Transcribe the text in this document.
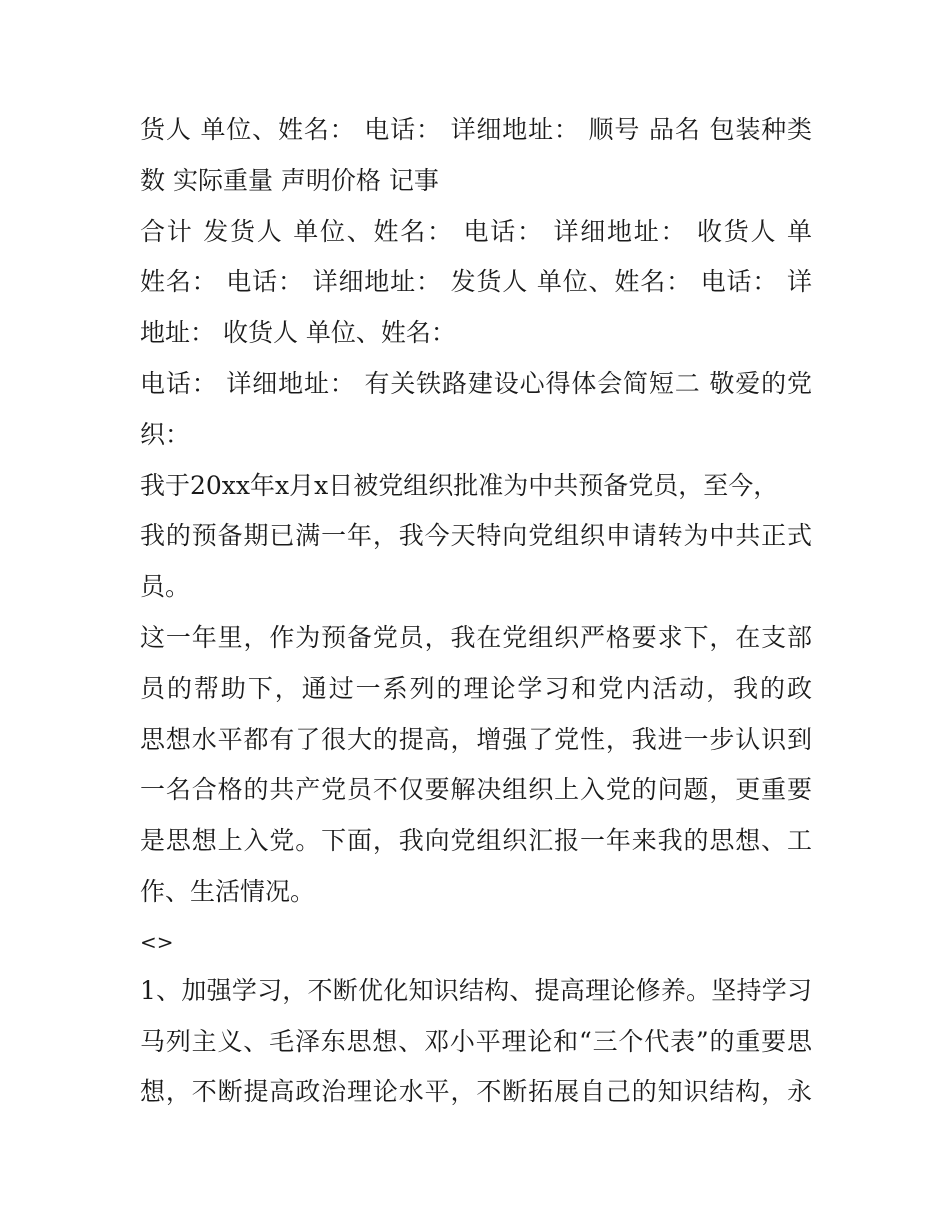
货人 单位、姓名： 电话： 详细地址： 顺号 品名 包装种类
数 实际重量 声明价格 记事
合计 发货人 单位、姓名： 电话： 详细地址： 收货人 单
姓名： 电话： 详细地址： 发货人 单位、姓名： 电话： 详
地址： 收货人 单位、姓名：
电话： 详细地址： 有关铁路建设心得体会简短二 敬爱的党
织：
我于20xx年x月x日被党组织批准为中共预备党员，至今，
我的预备期已满一年，我今天特向党组织申请转为中共正式
员。
这一年里，作为预备党员，我在党组织严格要求下，在支部
员的帮助下，通过一系列的理论学习和党内活动，我的政
思想水平都有了很大的提高，增强了党性，我进一步认识到
一名合格的共产党员不仅要解决组织上入党的问题，更重要
是思想上入党。下面，我向党组织汇报一年来我的思想、工
作、生活情况。
<>
1、加强学习，不断优化知识结构、提高理论修养。坚持学习
马列主义、毛泽东思想、邓小平理论和“三个代表”的重要思
想，不断提高政治理论水平，不断拓展自己的知识结构，永
